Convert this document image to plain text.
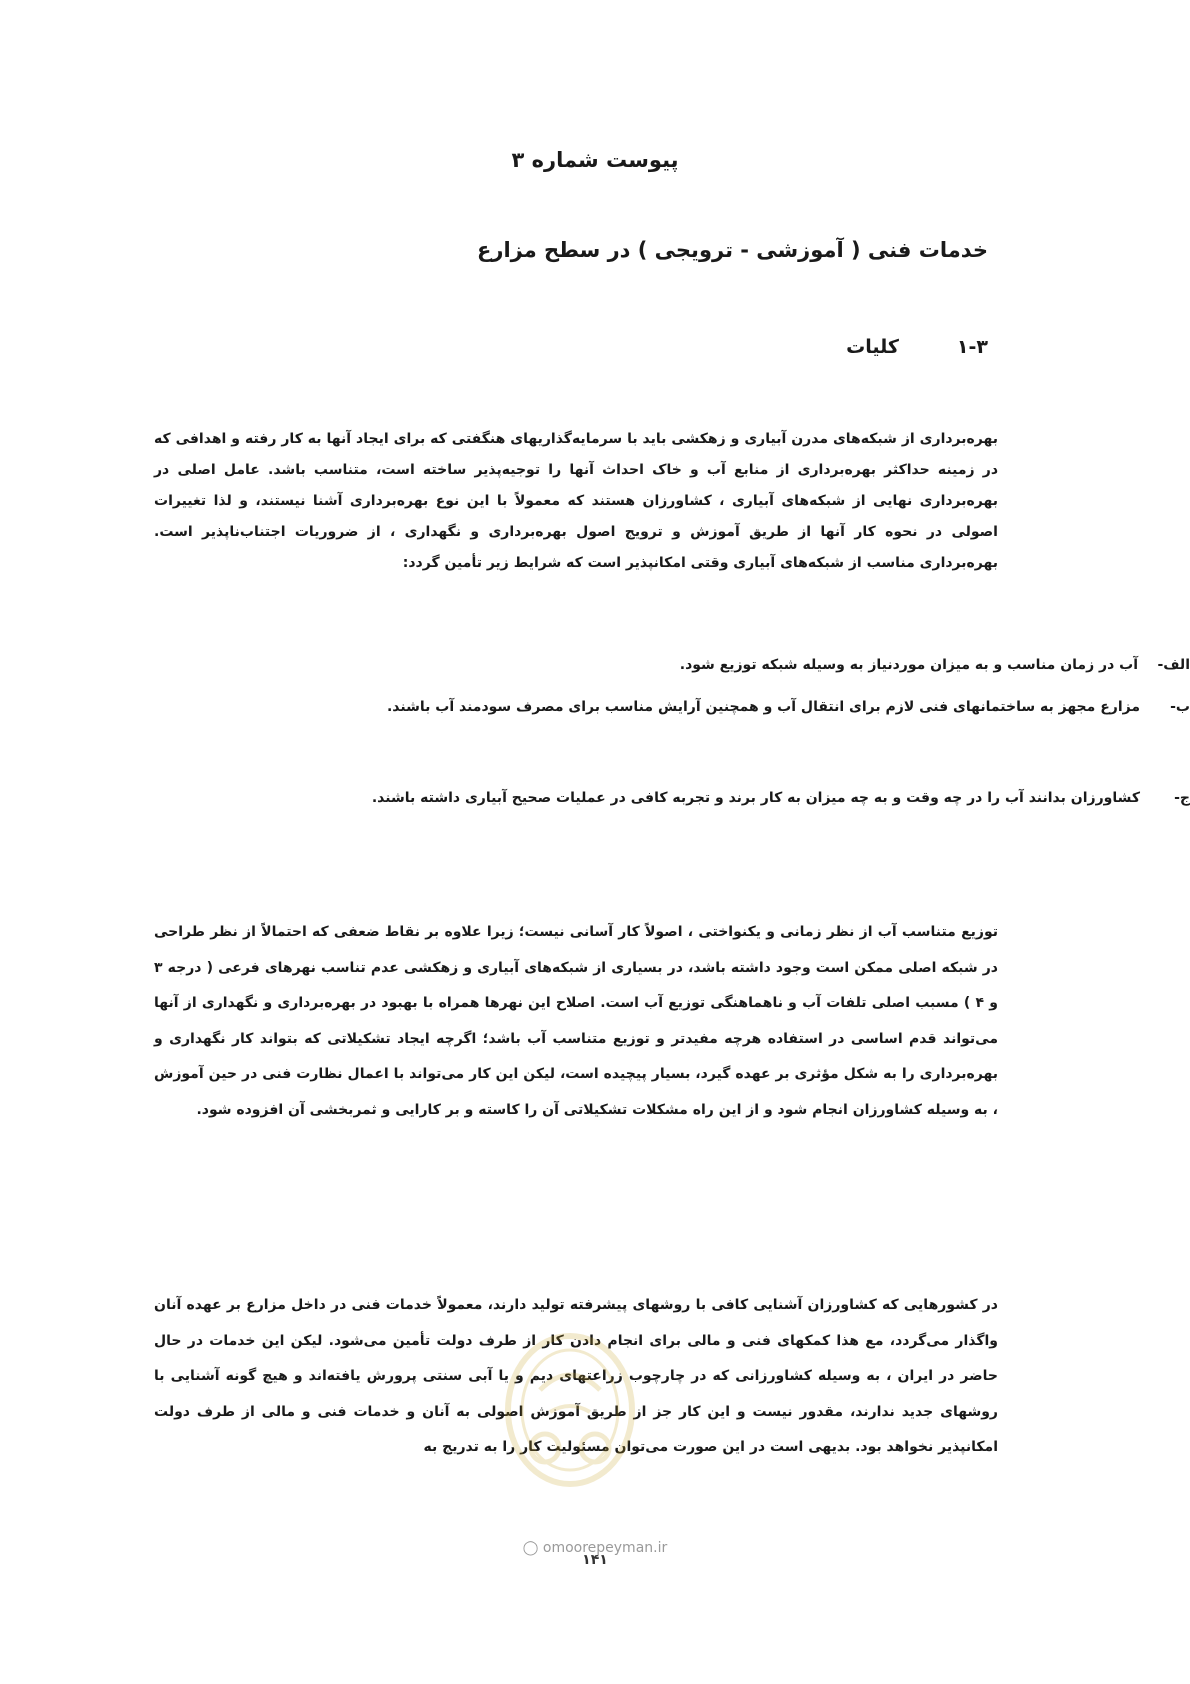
پیوست شماره ۳
خدمات فنی ( آموزشی - ترویجی ) در سطح مزارع
۱-۳کلیات
بهره‌برداری از شبکه‌های مدرن آبیاری و زهکشی باید با سرمایه‌گذاریهای هنگفتی که برای ایجاد آنها به کار رفته و اهدافی که در زمینه حداکثر بهره‌برداری از منابع آب و خاک احداث آنها را توجیه‌پذیر ساخته است، متناسب باشد. عامل اصلی در بهره‌برداری نهایی از شبکه‌های آبیاری ، کشاورزان هستند که معمولاً با این نوع بهره‌برداری آشنا نیستند، و لذا تغییرات اصولی در نحوه کار آنها از طریق آموزش و ترویج اصول بهره‌برداری و نگهداری ، از ضروریات اجتناب‌ناپذیر است. بهره‌برداری مناسب از شبکه‌های آبیاری وقتی امکانپذیر است که شرایط زیر تأمین گردد:
الف-
آب در زمان مناسب و به میزان موردنیاز به وسیله شبکه توزیع شود.
ب-
مزارع مجهز به ساختمانهای فنی لازم برای انتقال آب و همچنین آرایش مناسب برای مصرف سودمند آب باشند.
ج-
کشاورزان بدانند آب را در چه وقت و به چه میزان به کار برند و تجربه کافی در عملیات صحیح آبیاری داشته باشند.
توزیع متناسب آب از نظر زمانی و یکنواختی ، اصولاً کار آسانی نیست؛ زیرا علاوه بر نقاط ضعفی که احتمالاً از نظر طراحی در شبکه اصلی ممکن است وجود داشته باشد، در بسیاری از شبکه‌های آبیاری و زهکشی عدم تناسب نهرهای فرعی ( درجه ۳ و ۴ ) مسبب اصلی تلفات آب و ناهماهنگی توزیع آب است. اصلاح این نهرها همراه با بهبود در بهره‌برداری و نگهداری از آنها می‌تواند قدم اساسی در استفاده هرچه مفیدتر و توزیع متناسب آب باشد؛ اگرچه ایجاد تشکیلاتی که بتواند کار نگهداری و بهره‌برداری را به شکل مؤثری بر عهده گیرد، بسیار پیچیده است، لیکن این کار می‌تواند با اعمال نظارت فنی در حین آموزش ، به وسیله کشاورزان انجام شود و از این راه مشکلات تشکیلاتی آن را کاسته و بر کارایی و ثمربخشی آن افزوده شود.
در کشورهایی که کشاورزان آشنایی کافی با روشهای پیشرفته تولید دارند، معمولاً خدمات فنی در داخل مزارع بر عهده آنان واگذار می‌گردد، مع هذا کمکهای فنی و مالی برای انجام دادن کار از طرف دولت تأمین می‌شود. لیکن این خدمات در حال حاضر در ایران ، به وسیله کشاورزانی که در چارچوب زراعتهای دیم و یا آبی سنتی پرورش یافته‌اند و هیچ گونه آشنایی با روشهای جدید ندارند، مقدور نیست و این کار جز از طریق آموزش اصولی به آنان و خدمات فنی و مالی از طرف دولت امکانپذیر نخواهد بود. بدیهی است در این صورت می‌توان مسئولیت کار را به تدریج به
◯ omoorepeyman.ir
۱۴۱
